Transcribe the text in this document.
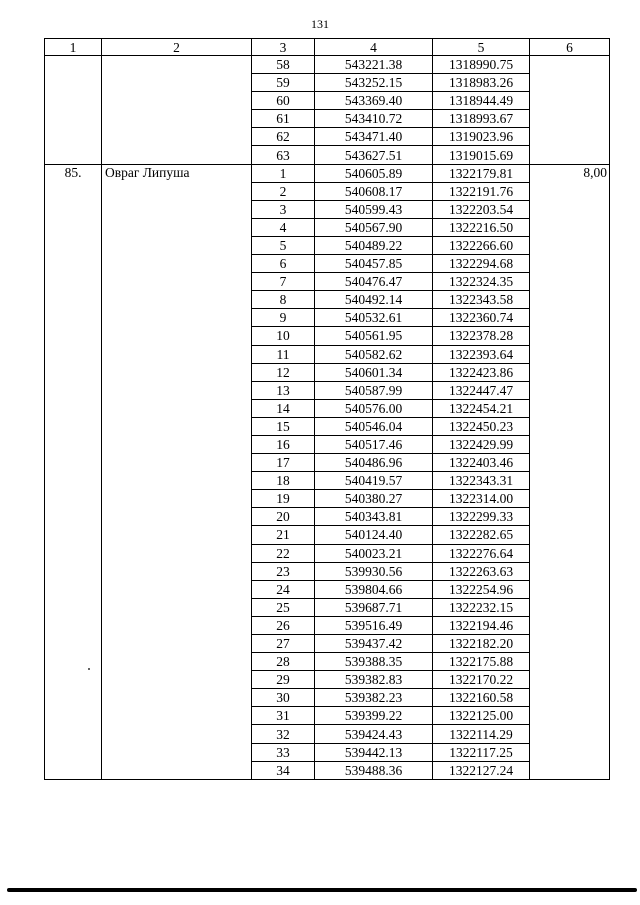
131
1	2	3	4	5	6
		58	543221.38	1318990.75	
		59	543252.15	1318983.26	
		60	543369.40	1318944.49	
		61	543410.72	1318993.67	
		62	543471.40	1319023.96	
		63	543627.51	1319015.69	
85.	Овраг Липуша	1	540605.89	1322179.81	8,00
		2	540608.17	1322191.76	
		3	540599.43	1322203.54	
		4	540567.90	1322216.50	
		5	540489.22	1322266.60	
		6	540457.85	1322294.68	
		7	540476.47	1322324.35	
		8	540492.14	1322343.58	
		9	540532.61	1322360.74	
		10	540561.95	1322378.28	
		11	540582.62	1322393.64	
		12	540601.34	1322423.86	
		13	540587.99	1322447.47	
		14	540576.00	1322454.21	
		15	540546.04	1322450.23	
		16	540517.46	1322429.99	
		17	540486.96	1322403.46	
		18	540419.57	1322343.31	
		19	540380.27	1322314.00	
		20	540343.81	1322299.33	
		21	540124.40	1322282.65	
		22	540023.21	1322276.64	
		23	539930.56	1322263.63	
		24	539804.66	1322254.96	
		25	539687.71	1322232.15	
		26	539516.49	1322194.46	
		27	539437.42	1322182.20	
		28	539388.35	1322175.88	
		29	539382.83	1322170.22	
		30	539382.23	1322160.58	
		31	539399.22	1322125.00	
		32	539424.43	1322114.29	
		33	539442.13	1322117.25	
		34	539488.36	1322127.24	
